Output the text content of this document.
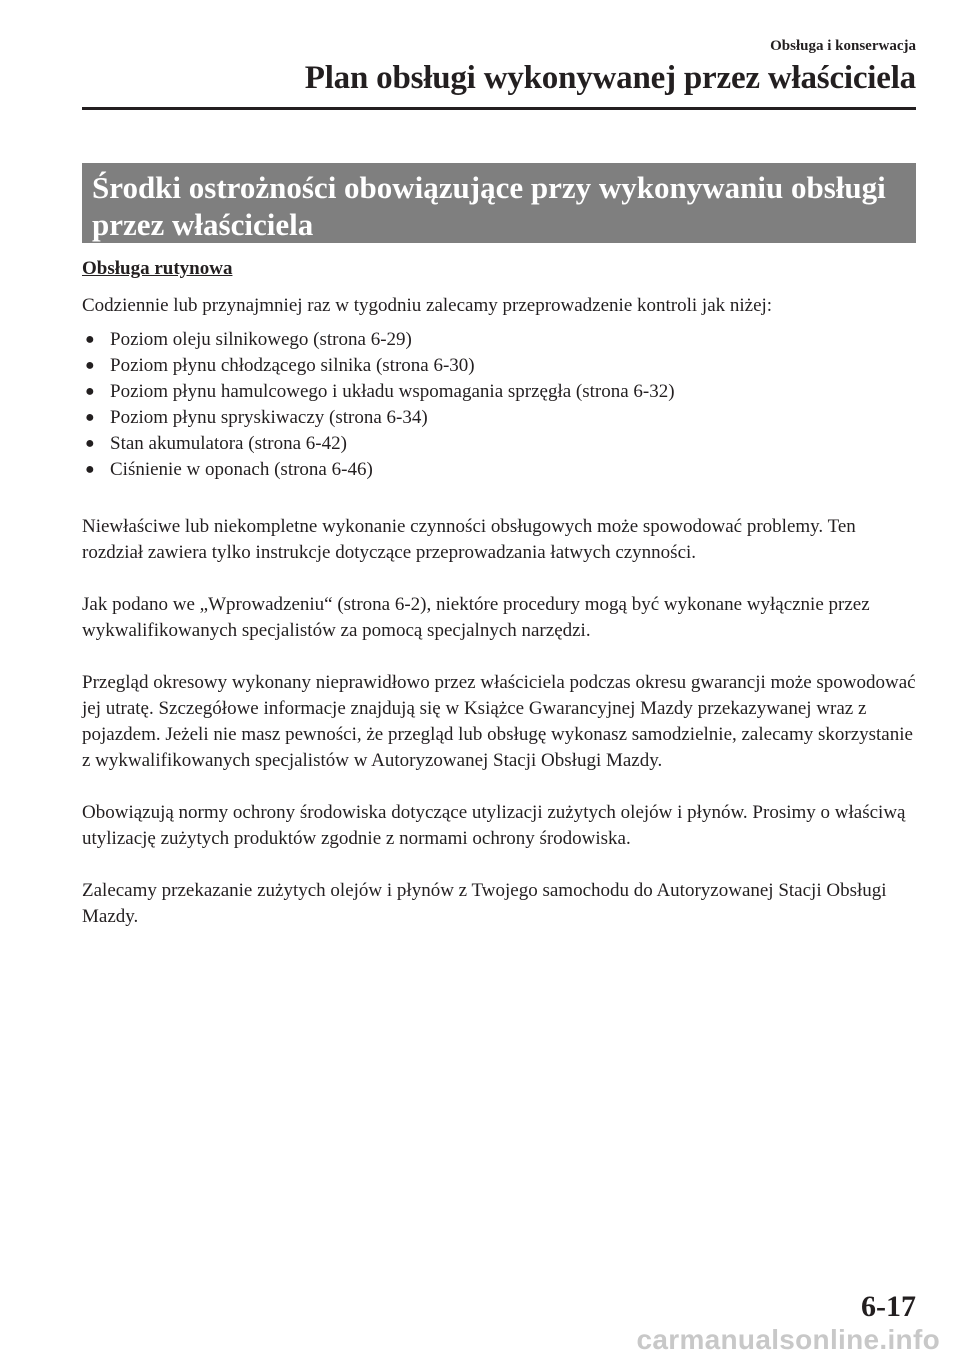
Obsługa i konserwacja
Plan obsługi wykonywanej przez właściciela
Środki ostrożności obowiązujące przy wykonywaniu obsługi
przez właściciela
Obsługa rutynowa

Codziennie lub przynajmniej raz w tygodniu zalecamy przeprowadzenie kontroli jak niżej:

● Poziom oleju silnikowego (strona 6-29)
● Poziom płynu chłodzącego silnika (strona 6-30)
● Poziom płynu hamulcowego i układu wspomagania sprzęgła (strona 6-32)
● Poziom płynu spryskiwaczy (strona 6-34)
● Stan akumulatora (strona 6-42)
● Ciśnienie w oponach (strona 6-46)

Niewłaściwe lub niekompletne wykonanie czynności obsługowych może spowodować problemy. Ten rozdział zawiera tylko instrukcje dotyczące przeprowadzania łatwych czynności.

Jak podano we „Wprowadzeniu“ (strona 6-2), niektóre procedury mogą być wykonane wyłącznie przez wykwalifikowanych specjalistów za pomocą specjalnych narzędzi.

Przegląd okresowy wykonany nieprawidłowo przez właściciela podczas okresu gwarancji może spowodować jej utratę. Szczegółowe informacje znajdują się w Książce Gwarancyjnej Mazdy przekazywanej wraz z pojazdem. Jeżeli nie masz pewności, że przegląd lub obsługę wykonasz samodzielnie, zalecamy skorzystanie z wykwalifikowanych specjalistów w Autoryzowanej Stacji Obsługi Mazdy.

Obowiązują normy ochrony środowiska dotyczące utylizacji zużytych olejów i płynów. Prosimy o właściwą utylizację zużytych produktów zgodnie z normami ochrony środowiska.

Zalecamy przekazanie zużytych olejów i płynów z Twojego samochodu do Autoryzowanej Stacji Obsługi Mazdy.

6-17
carmanualsonline.info
